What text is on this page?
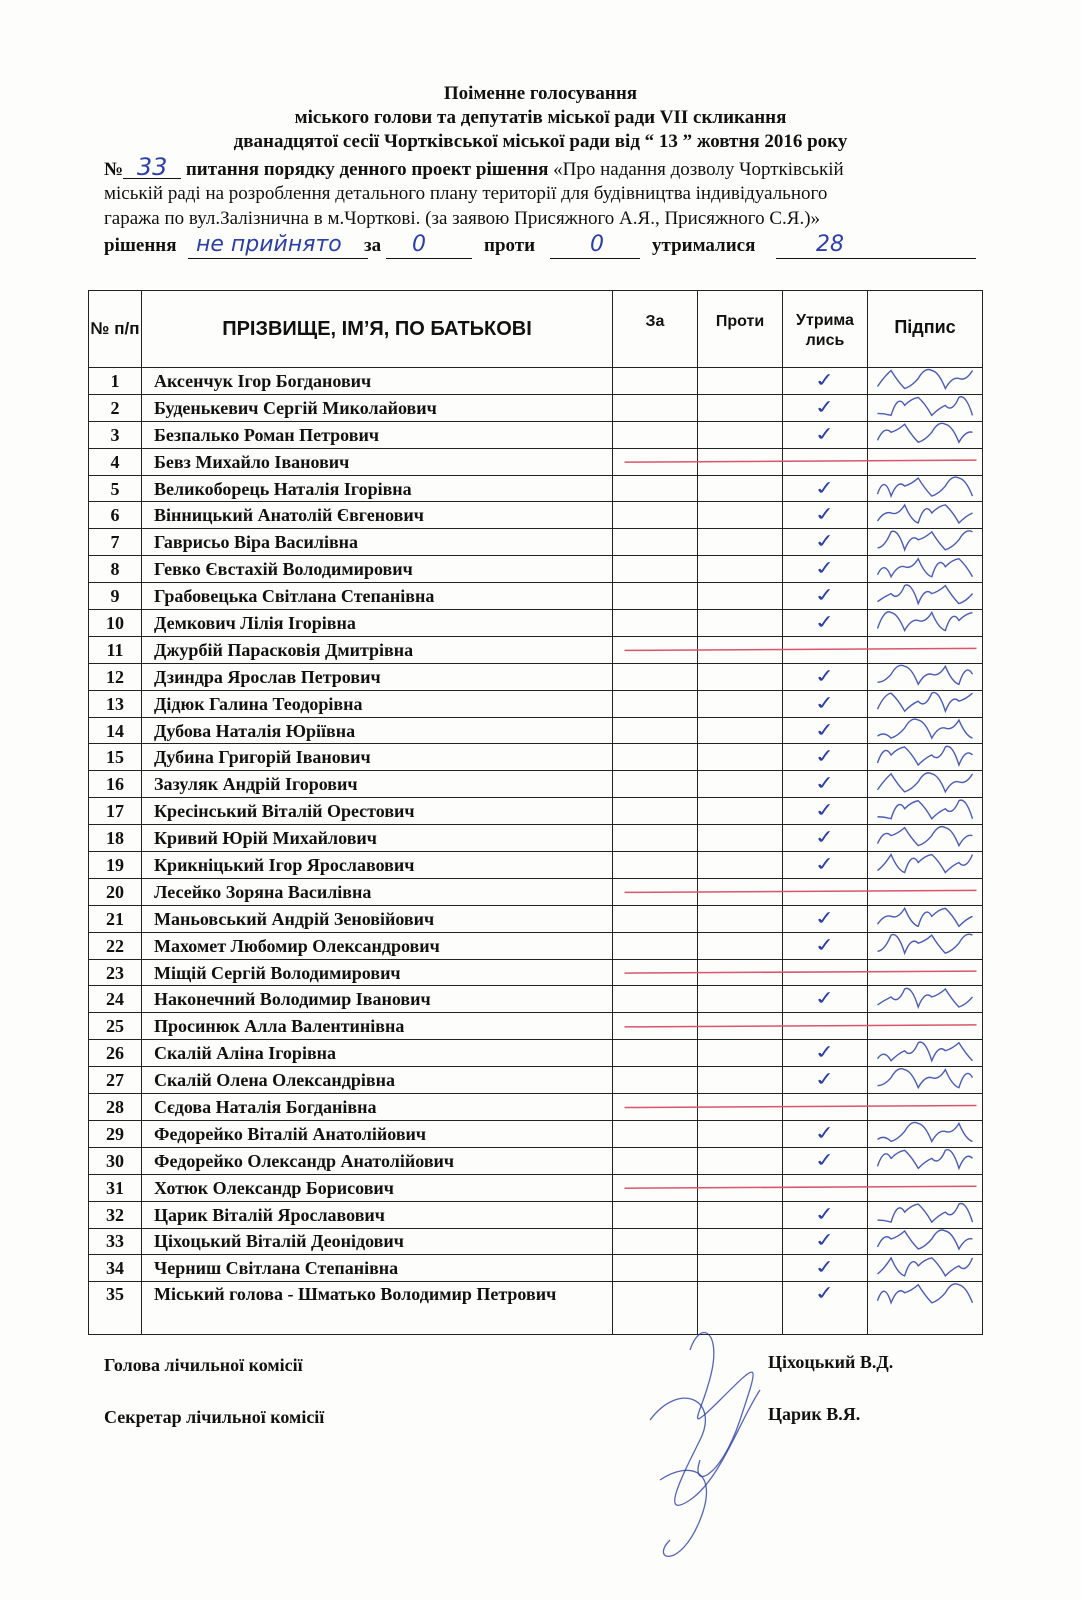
Поіменне голосування
міського голови та депутатів міської ради VII скликання
дванадцятої сесії Чортківської міської ради від “ 13 ” жовтня 2016 року
№ 33 питання порядку денного проект рішення «Про надання дозволу Чортківській
міській раді на розроблення детального плану території для будівництва індивідуального
гаража по вул.Залізнична в м.Чорткові. (за заявою Присяжного А.Я., Присяжного С.Я.)»
рішення не прийнято за 0	проти 0	утрималися	28
№ п/п	ПРІЗВИЩЕ, ІМ’Я, ПО БАТЬКОВІ	За	Проти	Утрима лись	Підпис
1	Аксенчук Ігор Богданович			✓	

2	Буденькевич Сергій Миколайович			✓	

3	Безпалько Роман Петрович			✓	

4	Бевз Михайло Іванович				
5	Великоборець Наталія Ігорівна			✓	

6	Вінницький Анатолій Євгенович			✓	

7	Гаврисьо Віра Василівна			✓	

8	Гевко Євстахій Володимирович			✓	

9	Грабовецька Світлана Степанівна			✓	

10	Демкович Лілія Ігорівна			✓	

11	Джурбій Парасковія Дмитрівна				
12	Дзиндра Ярослав Петрович			✓	

13	Дідюк Галина Теодорівна			✓	

14	Дубова Наталія Юріївна			✓	

15	Дубина Григорій Іванович			✓	

16	Зазуляк Андрій Ігорович			✓	

17	Кресінський Віталій Орестович			✓	

18	Кривий Юрій Михайлович			✓	

19	Крикніцький Ігор Ярославович			✓	

20	Лесейко Зоряна Василівна				
21	Маньовський Андрій Зеновійович			✓	

22	Махомет Любомир Олександрович			✓	

23	Міщій Сергій Володимирович				
24	Наконечний Володимир Іванович			✓	

25	Просинюк Алла Валентинівна				
26	Скалій Аліна Ігорівна			✓	

27	Скалій Олена Олександрівна			✓	

28	Сєдова Наталія Богданівна				
29	Федорейко Віталій Анатолійович			✓	

30	Федорейко Олександр Анатолійович			✓	

31	Хотюк Олександр Борисович				
32	Царик Віталій Ярославович			✓	

33	Ціхоцький Віталій Деонідович			✓	

34	Черниш Світлана Степанівна			✓	

35	Міський голова - Шматько Володимир Петрович			✓	

Голова лічильної комісії
Секретар лічильної комісії
Ціхоцький В.Д.
Царик В.Я.
